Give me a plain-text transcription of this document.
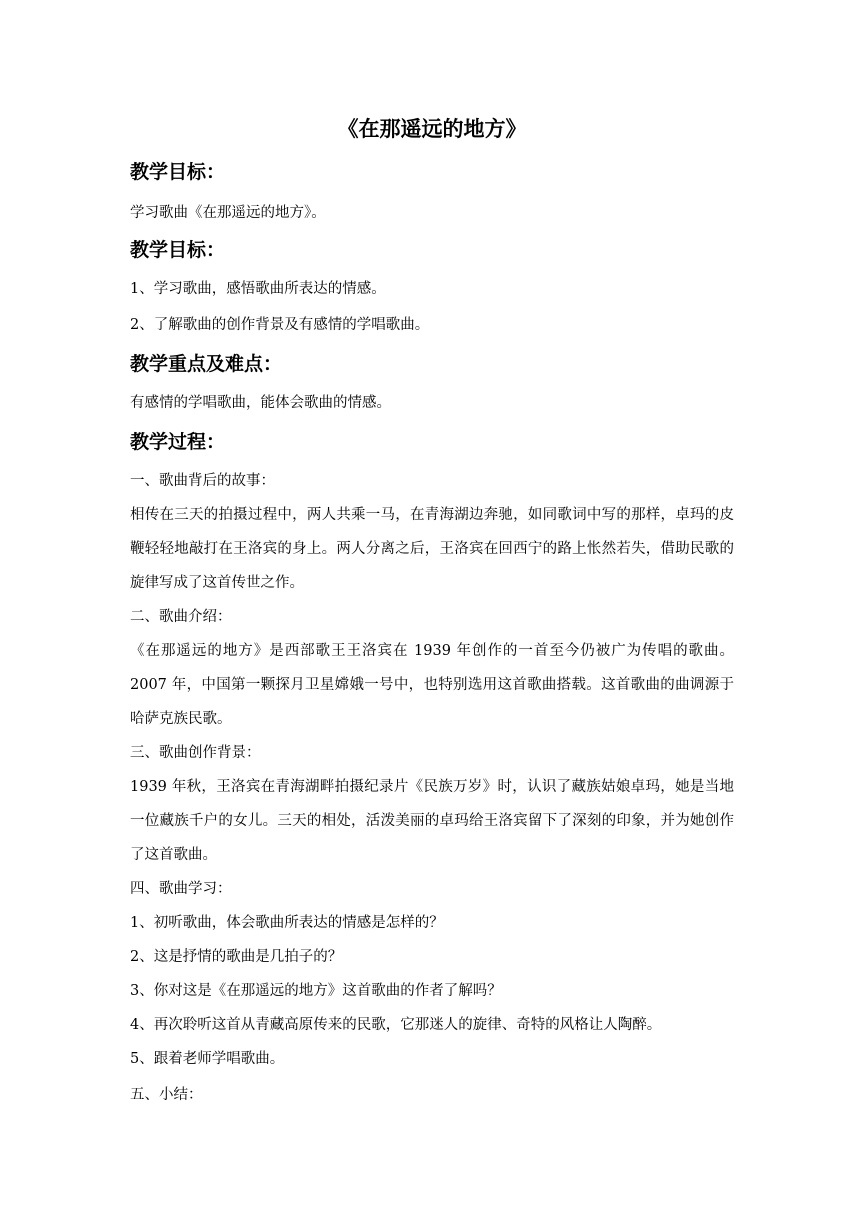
《在那遥远的地方》
教学目标：

学习歌曲《在那遥远的地方》。

教学目标：

1、学习歌曲，感悟歌曲所表达的情感。

2、了解歌曲的创作背景及有感情的学唱歌曲。

教学重点及难点：

有感情的学唱歌曲，能体会歌曲的情感。

教学过程：

一、歌曲背后的故事：

相传在三天的拍摄过程中，两人共乘一马，在青海湖边奔驰，如同歌词中写的那样，卓玛的皮鞭轻轻地敲打在王洛宾的身上。两人分离之后，王洛宾在回西宁的路上怅然若失，借助民歌的旋律写成了这首传世之作。

二、歌曲介绍：

《在那遥远的地方》是西部歌王王洛宾在 1939 年创作的一首至今仍被广为传唱的歌曲。2007 年，中国第一颗探月卫星嫦娥一号中，也特别选用这首歌曲搭载。这首歌曲的曲调源于哈萨克族民歌。

三、歌曲创作背景：

1939 年秋，王洛宾在青海湖畔拍摄纪录片《民族万岁》时，认识了藏族姑娘卓玛，她是当地一位藏族千户的女儿。三天的相处，活泼美丽的卓玛给王洛宾留下了深刻的印象，并为她创作了这首歌曲。

四、歌曲学习：

1、初听歌曲，体会歌曲所表达的情感是怎样的？

2、这是抒情的歌曲是几拍子的？

3、你对这是《在那遥远的地方》这首歌曲的作者了解吗？

4、再次聆听这首从青藏高原传来的民歌，它那迷人的旋律、奇特的风格让人陶醉。

5、跟着老师学唱歌曲。

五、小结：
